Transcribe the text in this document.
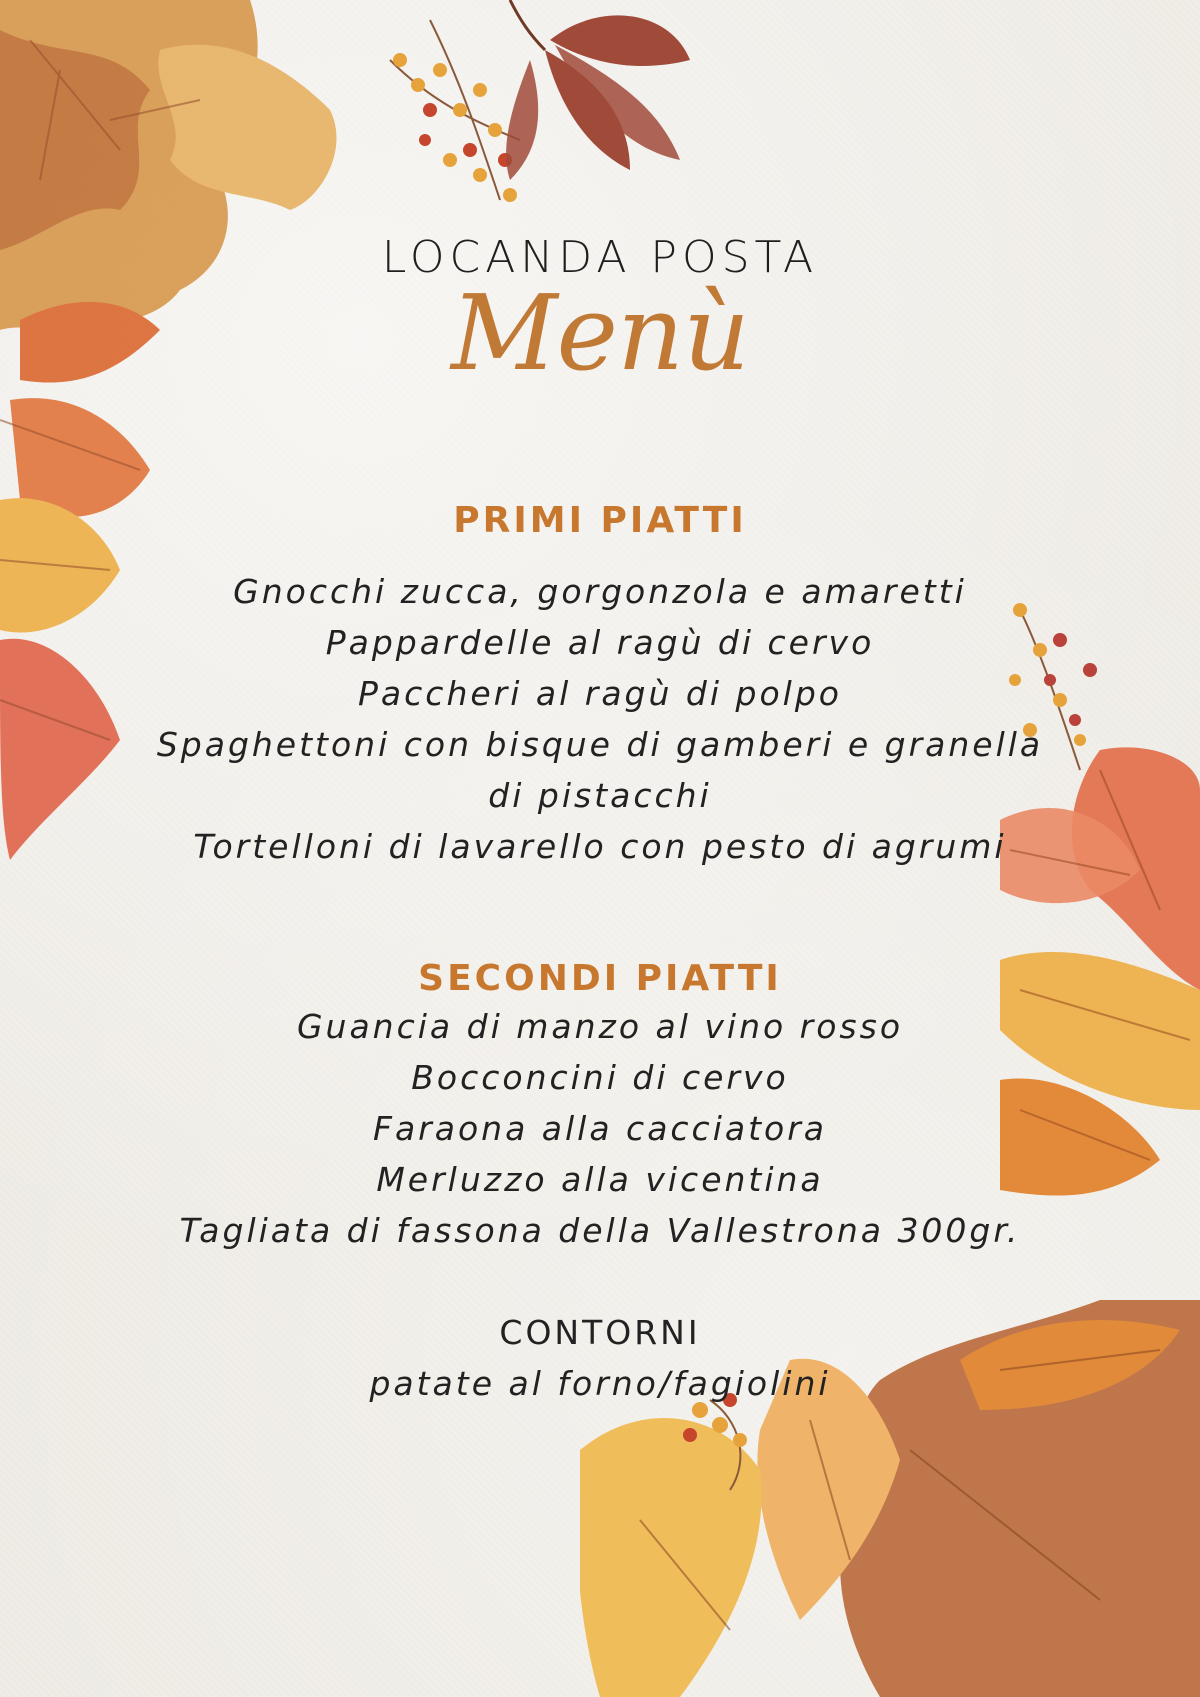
LOCANDA POSTA
Menù
PRIMI PIATTI
Gnocchi zucca, gorgonzola e amaretti
Pappardelle al ragù di cervo
Paccheri al ragù di polpo
Spaghettoni con bisque di gamberi e granella
di pistacchi
Tortelloni di lavarello con pesto di agrumi
SECONDI PIATTI
Guancia di manzo al vino rosso
Bocconcini di cervo
Faraona alla cacciatora
Merluzzo alla vicentina
Tagliata di fassona della Vallestrona 300gr.
CONTORNI
patate al forno/fagiolini
